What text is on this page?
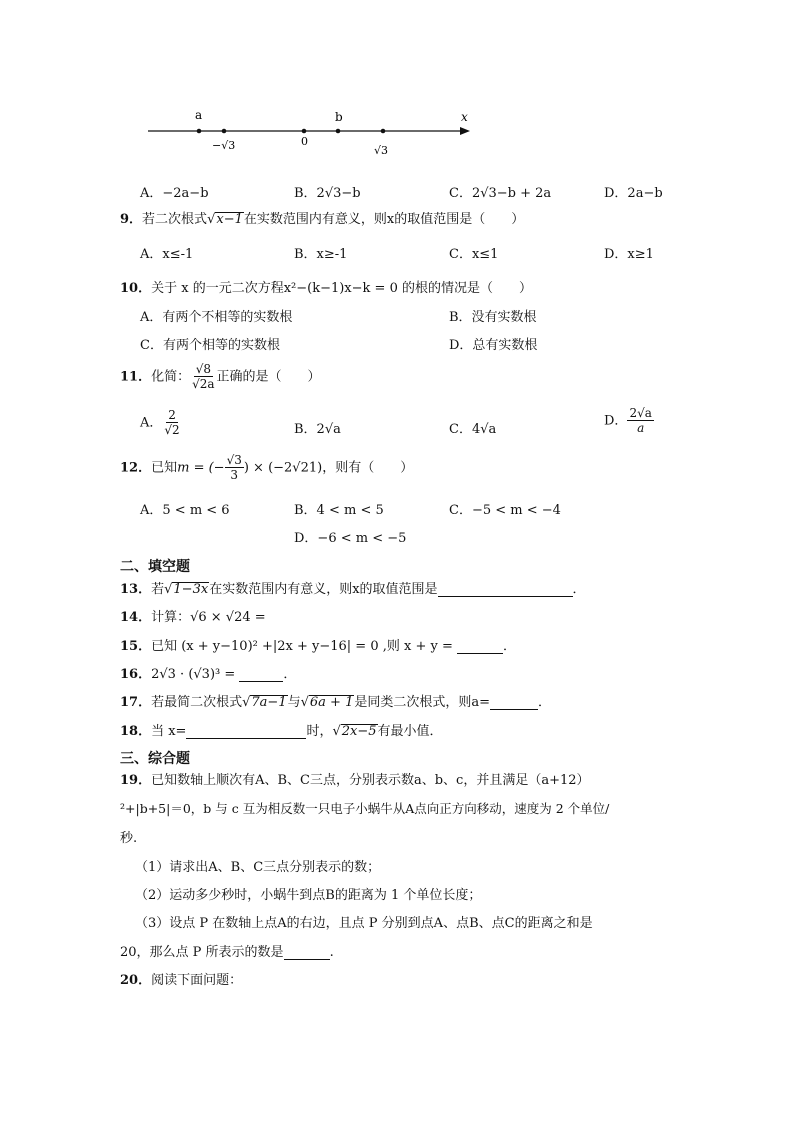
a	b	x
−√3	0
√3
A．−2a−b	B．2√3−b	C．2√3−b + 2a	D．2a−b
9．若二次根式√x−1在实数范围内有意义，则x的取值范围是（　　）
A．x≤-1	B．x≥-1	C．x≤1	D．x≥1
10．关于 x 的一元二次方程x²−(k−1)x−k = 0 的根的情况是（　　）
A．有两个不相等的实数根	B．没有实数根
C．有两个相等的实数根	D．总有实数根
11．化简： $\frac{√8}{√2a}$ 正确的是（　　）
A． $\frac{2}{√2}$	B．2√a	C．4√a
D． $\frac{2√a}{a}$
12．已知m = (− $\frac{√3}{3}$ ) × (−2√21)，则有（　　）
A．5 < m < 6	B．4 < m < 5	C．−5 < m < −4
D．−6 < m < −5
二、填空题
13．若√1−3x在实数范围内有意义，则x的取值范围是	．
14．计算：√6 × √24 =
15．已知 (x + y−10)² +|2x + y−16| = 0 ,则 x + y =	．
16．2√3 · (√3)³ =	．
17．若最简二次根式√7a−1与√6a + 1是同类二次根式，则a=	．
18．当 x=	时，√2x−5有最小值．
三、综合题
19．已知数轴上顺次有A、B、C三点，分别表示数a、b、c，并且满足（a+12）
²+|b+5|＝0，b 与 c 互为相反数一只电子小蜗牛从A点向正方向移动，速度为 2 个单位/
秒.
（1）请求出A、B、C三点分别表示的数；
（2）运动多少秒时，小蜗牛到点B的距离为 1 个单位长度；
（3）设点 P 在数轴上点A的右边，且点 P 分别到点A、点B、点C的距离之和是
20，那么点 P 所表示的数是	.
20．阅读下面问题：
